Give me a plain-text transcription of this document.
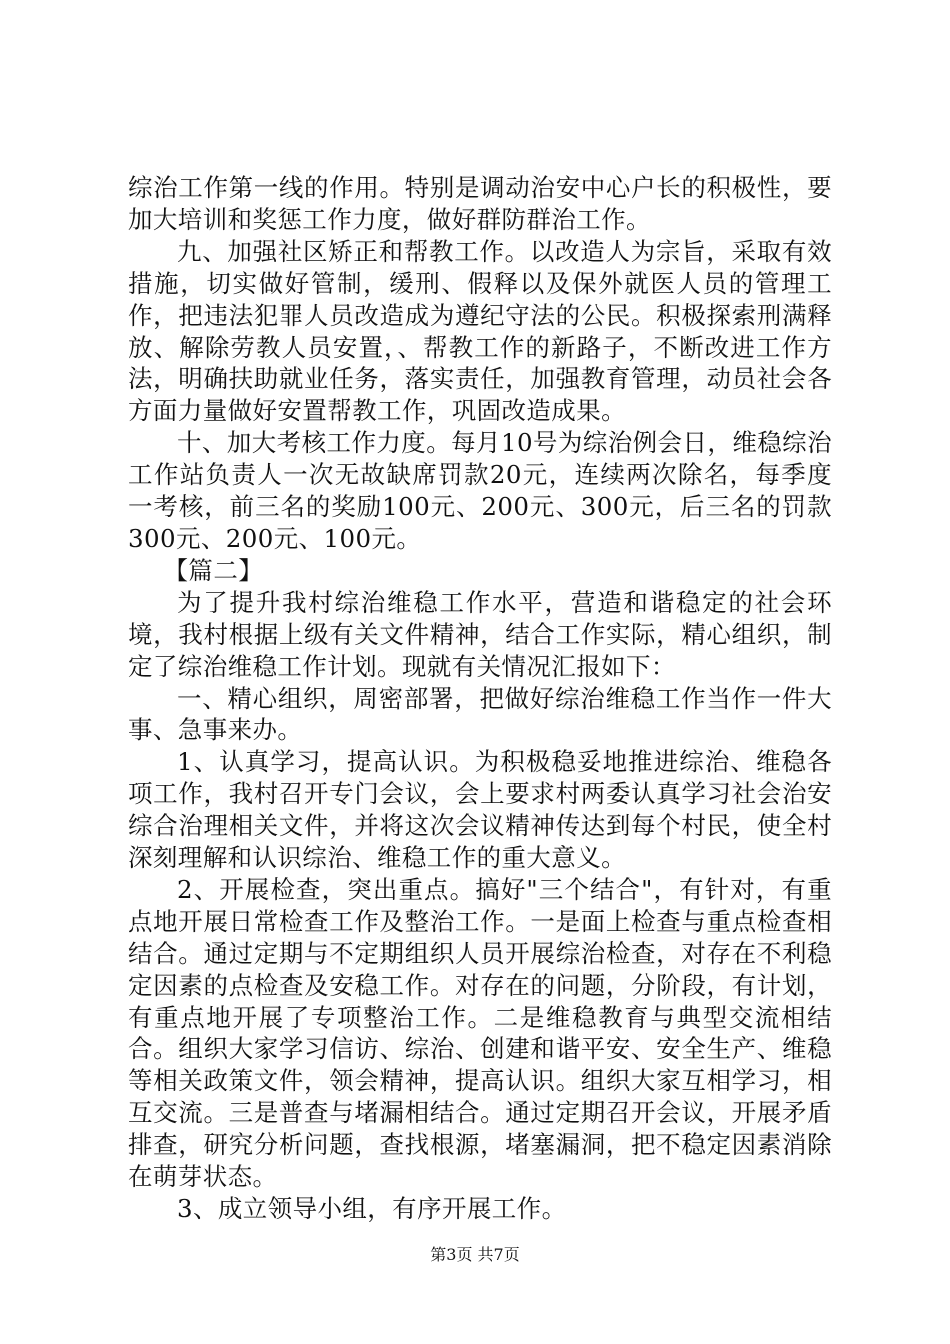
综治工作第一线的作用。特别是调动治安中心户长的积极性，要加大培训和奖惩工作力度，做好群防群治工作。

九、加强社区矫正和帮教工作。以改造人为宗旨，采取有效措施，切实做好管制，缓刑、假释以及保外就医人员的管理工作，把违法犯罪人员改造成为遵纪守法的公民。积极探索刑满释放、解除劳教人员安置，、帮教工作的新路子，不断改进工作方法，明确扶助就业任务，落实责任，加强教育管理，动员社会各方面力量做好安置帮教工作，巩固改造成果。

十、加大考核工作力度。每月10号为综治例会日，维稳综治工作站负责人一次无故缺席罚款20元，连续两次除名，每季度一考核，前三名的奖励100元、200元、300元，后三名的罚款300元、200元、100元。

【篇二】

为了提升我村综治维稳工作水平，营造和谐稳定的社会环境，我村根据上级有关文件精神，结合工作实际，精心组织，制定了综治维稳工作计划。现就有关情况汇报如下：

一、精心组织，周密部署，把做好综治维稳工作当作一件大事、急事来办。

1、认真学习，提高认识。为积极稳妥地推进综治、维稳各项工作，我村召开专门会议，会上要求村两委认真学习社会治安综合治理相关文件，并将这次会议精神传达到每个村民，使全村深刻理解和认识综治、维稳工作的重大意义。

2、开展检查，突出重点。搞好"三个结合"，有针对，有重点地开展日常检查工作及整治工作。一是面上检查与重点检查相结合。通过定期与不定期组织人员开展综治检查，对存在不利稳定因素的点检查及安稳工作。对存在的问题，分阶段，有计划，有重点地开展了专项整治工作。二是维稳教育与典型交流相结合。组织大家学习信访、综治、创建和谐平安、安全生产、维稳等相关政策文件，领会精神，提高认识。组织大家互相学习，相互交流。三是普查与堵漏相结合。通过定期召开会议，开展矛盾排查，研究分析问题，查找根源，堵塞漏洞，把不稳定因素消除在萌芽状态。

3、成立领导小组，有序开展工作。

第3页 共7页
